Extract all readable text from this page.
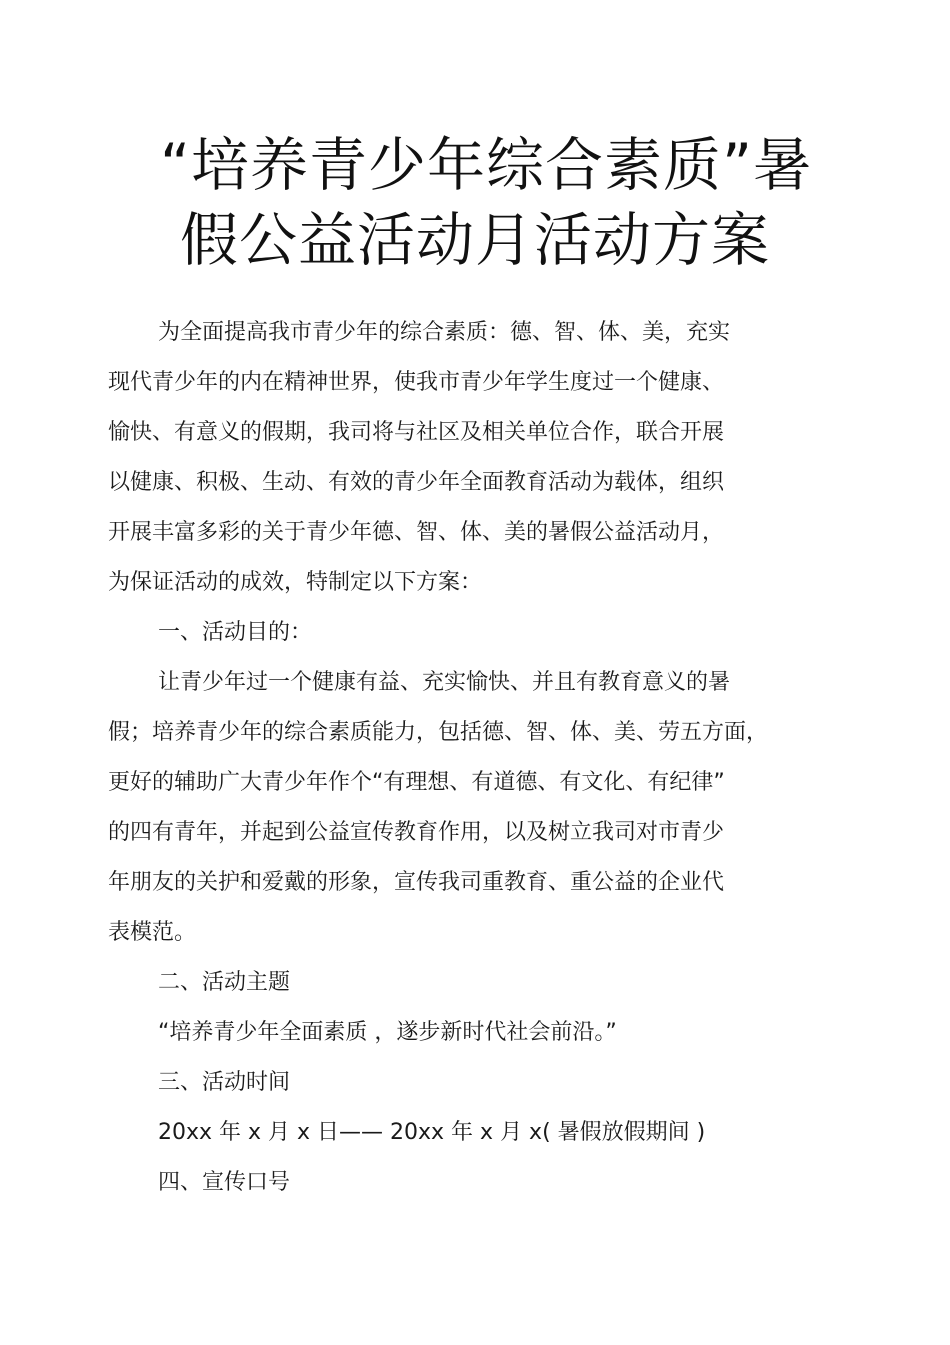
“培养青少年综合素质”暑
假公益活动月活动方案
为全面提高我市青少年的综合素质：德、智、体、美，充实
现代青少年的内在精神世界，使我市青少年学生度过一个健康、
愉快、有意义的假期，我司将与社区及相关单位合作，联合开展
以健康、积极、生动、有效的青少年全面教育活动为载体，组织
开展丰富多彩的关于青少年德、智、体、美的暑假公益活动月，
为保证活动的成效，特制定以下方案：
一、活动目的：
让青少年过一个健康有益、充实愉快、并且有教育意义的暑
假；培养青少年的综合素质能力，包括德、智、体、美、劳五方面，
更好的辅助广大青少年作个“有理想、有道德、有文化、有纪律”
的四有青年，并起到公益宣传教育作用，以及树立我司对市青少
年朋友的关护和爱戴的形象，宣传我司重教育、重公益的企业代
表模范。
二、活动主题
“培养青少年全面素质 ，遂步新时代社会前沿。”
三、活动时间
20xx 年 x 月 x 日—— 20xx 年 x 月 x( 暑假放假期间 )
四、宣传口号
